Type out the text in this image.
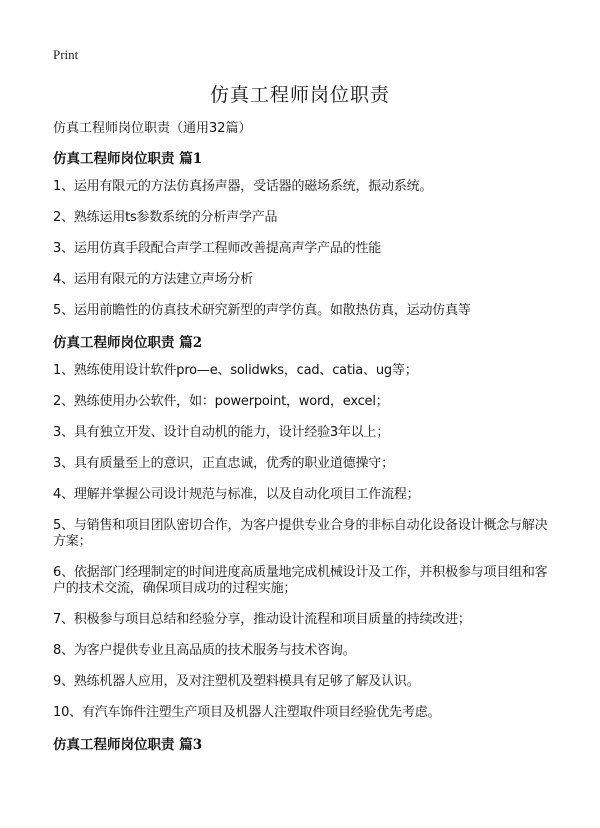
Print
仿真工程师岗位职责
仿真工程师岗位职责（通用32篇）
仿真工程师岗位职责 篇1
1、运用有限元的方法仿真扬声器，受话器的磁场系统，振动系统。
2、熟练运用ts参数系统的分析声学产品
3、运用仿真手段配合声学工程师改善提高声学产品的性能
4、运用有限元的方法建立声场分析
5、运用前瞻性的仿真技术研究新型的声学仿真。如散热仿真，运动仿真等
仿真工程师岗位职责 篇2
1、熟练使用设计软件pro—e、solidwks，cad、catia、ug等；
2、熟练使用办公软件，如：powerpoint，word，excel；
3、具有独立开发、设计自动机的能力，设计经验3年以上；
3、具有质量至上的意识，正直忠诚，优秀的职业道德操守；
4、理解并掌握公司设计规范与标准，以及自动化项目工作流程；
5、与销售和项目团队密切合作，为客户提供专业合身的非标自动化设备设计概念与解决方案；
6、依据部门经理制定的时间进度高质量地完成机械设计及工作，并积极参与项目组和客户的技术交流，确保项目成功的过程实施；
7、积极参与项目总结和经验分享，推动设计流程和项目质量的持续改进；
8、为客户提供专业且高品质的技术服务与技术咨询。
9、熟练机器人应用，及对注塑机及塑料模具有足够了解及认识。
10、有汽车饰件注塑生产项目及机器人注塑取件项目经验优先考虑。
仿真工程师岗位职责 篇3
